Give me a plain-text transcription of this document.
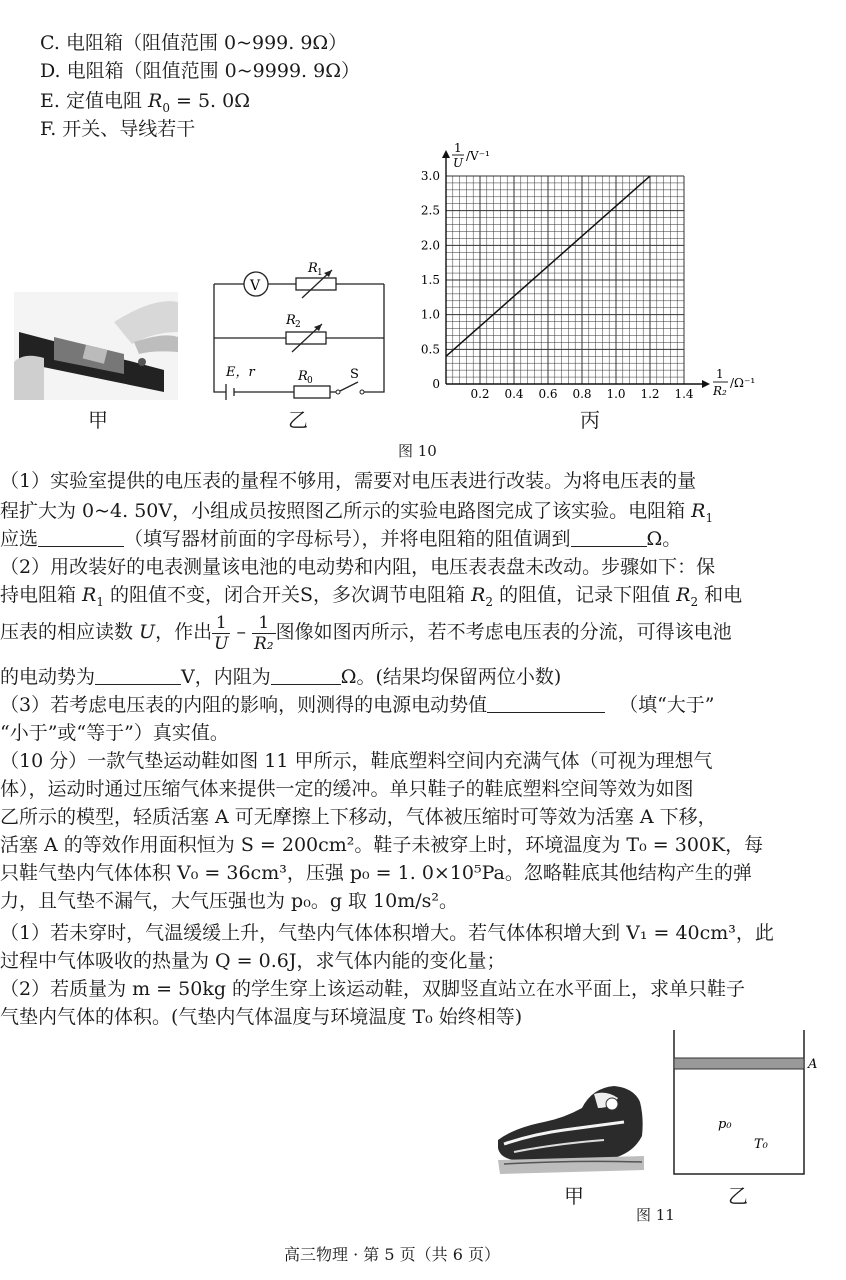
C. 电阻箱（阻值范围 0~999. 9Ω）
D. 电阻箱（阻值范围 0~9999. 9Ω）
E. 定值电阻 $R_0 = 5$. 0Ω
F. 开关、导线若干
甲
V
R 1
R 2
E，r	R 0	S
乙
0.2 0.4 0.6 0.8 1.0 1.2 1.4
0
0.5
1.0
1.5
2.0
2.5
3.0
1
U /V⁻¹
1
R₂
/Ω⁻¹
丙
图 10
（1）实验室提供的电压表的量程不够用，需要对电压表进行改装。为将电压表的量
程扩大为 0~4. 50V，小组成员按照图乙所示的实验电路图完成了该实验。电阻箱 $R_1$
应选	（填写器材前面的字母标号），并将电阻箱的阻值调到	Ω。
（2）用改装好的电表测量该电池的电动势和内阻，电压表表盘未改动。步骤如下：保
持电阻箱 $R_1$ 的阻值不变，闭合开关S，多次调节电阻箱 $R_2$ 的阻值，记录下阻值 $R_2$ 和电
压表的相应读数 U，作出 $\frac{1}{U} - \frac{1}{\text{R₂}}$ 图像如图丙所示，若不考虑电压表的分流，可得该电池
的电动势为	V，内阻为	Ω。(结果均保留两位小数)
（3）若考虑电压表的内阻的影响，则测得的电源电动势值	（填“大于”
“小于”或“等于”）真实值。
（10 分）一款气垫运动鞋如图 11 甲所示，鞋底塑料空间内充满气体（可视为理想气
体），运动时通过压缩气体来提供一定的缓冲。单只鞋子的鞋底塑料空间等效为如图
乙所示的模型，轻质活塞 A 可无摩擦上下移动，气体被压缩时可等效为活塞 A 下移，
活塞 A 的等效作用面积恒为 S = 200cm²。鞋子未被穿上时，环境温度为 T₀ = 300K，每
只鞋气垫内气体体积 V₀ = 36cm³，压强 p₀ = 1. 0×10⁵Pa。忽略鞋底其他结构产生的弹
力，且气垫不漏气，大气压强也为 p₀。g 取 10m/s²。
（1）若未穿时，气温缓缓上升，气垫内气体体积增大。若气体体积增大到 V₁ = 40cm³，此
过程中气体吸收的热量为 Q = 0.6J，求气体内能的变化量；
（2）若质量为 m = 50kg 的学生穿上该运动鞋，双脚竖直站立在水平面上，求单只鞋子
气垫内气体的体积。(气垫内气体温度与环境温度 T₀ 始终相等)
甲
A
p₀
T₀
乙
图 11
高三物理 · 第 5 页（共 6 页）
